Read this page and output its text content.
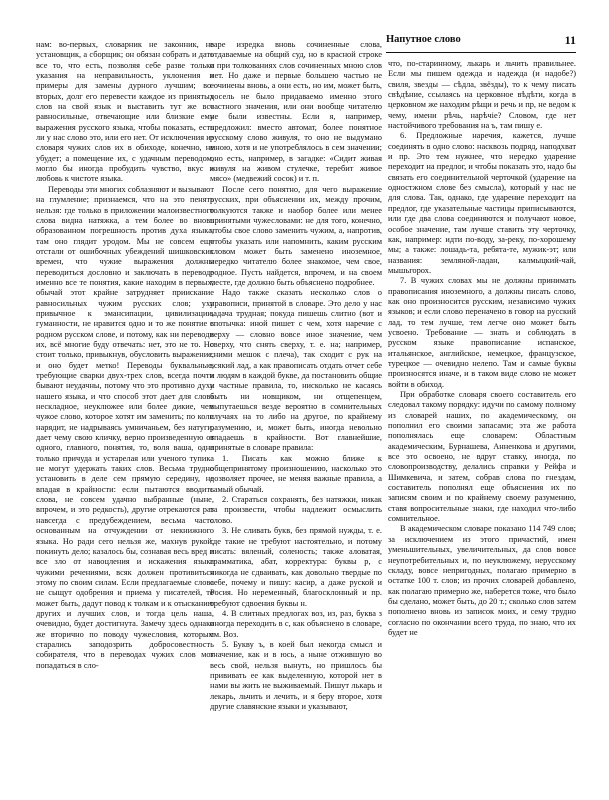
Напутное слово	11

нам: во-первых, словарник не законник, не установщик, а сборщик; он обязан собрать и дать все то, что есть, позволяя себе разве только указания на неправильность, уклонения и примеры для замены дурного лучшим; во-вторых, долг его перевести каждое из принятых слов на свой язык и выставить тут же все равносильные, отвечающие или близкие ему выражения русского языка, чтобы показать, есть ли у нас слово это, или его нет. От исключения из словаря чужих слов их в обиходе, конечно, не убудет; а помещение их, с удачным переводом, могло бы иногда пробудить чувство, вкус и любовь к чистоте языка.

Переводы эти многих соблазняют и вызывают на глумление; признаемся, что на это пенять нельзя: где только в приложении малоизвестного слова видна натяжка, а тем более во вновь образованном погрешность против духа языка, там оно глядит уродом. Мы не совсем еще отстали от ошибочных убеждений шишковских времен, что чужие выражения должны переводиться дословно и заключать в переводе именно все те понятия, какие находим в первых; обычай этот крайне затрудняет приискание равносильных чужим русских слов; уху привычное к эмансипации, цивилизации, гуманности, не нравится одно и то же понятие в родном русском слове, и потому, как ни переводи их, всё многие буду отвечать: нет, это не то. Но стоит только, привыкнув, обусловить выражение, и оно будет метко! Переводы буквальные, требующие сварки двух-трех слов, всегда почти бывают неудачны, потому что это противно духу нашего языка, и что способ этот дает для слова нескладное, неуклюжее или более дикие, чем чужое слово, которое хотят им заменить; по коли нарядит, не надрываясь умничаньем, без натуги, дает чему свою кличку, верно произведенную от одного, главного, понятия, то, воля ваша, одна только причуда и устарелая или ученого тупика не могут удержать таких слов. Весьма трудно установить в деле сем прямую середину, не впадая в крайности: если пытаются вводить слова, не совсем удачно выбранные (ныне, впрочем, и это редкость), другие отрекаются раз навсегда с предубеждением, весьма часто основанным на отчуждении от некнижного языка. Но ради сего нельзя же, махнув рукой, покинуть дело; казалось бы, сознавая весь вред и все зло от навоцления и искажения языка чужими речениями, всяк должен противиться этому по своим силам. Если предлагаемые слова не сыщут одобрения и приема у писателей, то может быть, дадут повод к толкам и к отысканию других и лучших слов, и тогда цель наша, очевидно, будет достигнута. Замечу здесь однако же вторично по поводу чужесловия, которым старались заподозрить добросовестность собирателя, что в переводах чужих слов мог попадаться в сло-

варе изредка вновь сочиненные слова, отдаваемые на общий суд, но в красной строке и при толкованиях слов сочиненных мною слов нет. Но даже и первые большею частью не сочинены вновь, а они есть, но им, может быть, досель не было придаваемо именно этого частного значения, или они вообще читателю не были известны. Если я, например, предложил: вместо автомат, более понятное русскому слово живуля, то оно не выдумано мною, хотя и не употреблялось в сем значении; оно есть, например, в загадке: «Сидит живая живуля на живом стулечке, теребит живое мясо» (медвежий сосок) и т. п.

После сего понятно, для чего выражение русских, при объяснении их, между прочим, толкуются также и наобор более или менее принятыми чужесловами: не для того, конечно, чтобы свое слово заменить чужим, а, напротив, чтобы указать или напомнить, каким русским словом может быть заменено иноземное, нередко читателю более знакомое, чем свое, родное. Пусть найдется, впрочем, и на своем месте, где должно быть объяснено подробнее.

Надо также сказать несколько слов о правописи, принятой в словаре. Это дело у нас задача трудная; покуда пишешь слитно (вот и спотычка: иной пишет с чем, хотя наречие с верху — словно вовсе иное значение, чем сверху, что снять сверху, т. е. на; например, сними мешок с плеча), так сходит с рук на всякий лад, а как правописать отдать отчет себе и людям в каждой букве, да постановить общие и частные правила, то, нисколько не касаясь быть ни новщиком, ни отщепенцем, выпутаешься везде вероятно в сомнительных случаях на то либо на другое, по крайнему разумению, и, может быть, иногда невольно впадаешь в крайности. Вот главнейшие, принятые в словаре правила:

1. Писать как можно ближе к общепринятому произношению, насколько это дозволяет прочее, не меняя важные правила, а самый обычай.
2. Стараться сохранять, без натяжки, никак та произвести, чтобы надлежит осмыслить слово.
3. Не сливать букв, без прямой нужды, т. е. где такие не требуют настоятельно, и потому писать: вяленый, соленость; также аловатая, грамматика, абат, корректура: буквы р, с никогда не сдваивать, как довольно твердые по себе, почему и пишу: касир, а даже руской и Росия. Но неременный, благосклонный и пр. требуют сдвоения буквы н.
4. В слитных предлогах воз, из, раз, буква з иногда переходить в с, как объяснено в словаре, см. Воз.
5. Букву ъ, в коей был некогда смысл и значение, как и в юсь, а ныне отжившую во весь свой, нельзя вынуть, но пришлось бы прививать ее как выделенную, которой нет в нами вы жить не выживаемый. Пишут лькарь и лекарь, льчить и лечить, и я беру второе, хотя другие славянские языки и указывают,

что, по-старинному, лькарь и льчить правильнее. Если мы пишем одежда и надежда (и надобе?) свиля, звезды — сѣдла, звёзды), то к чему писать свѣдѣние, ссылаясь на церковное вѣдѣти, когда в церковном же находим рѣщи и речь и пр, не ведом к чему, имени рѣчь, нарѣчіе? Словом, где нет настойчивого требования на ъ, там пишу е.

6. Предложные наречия, кажется, лучше соединять в одно слово: насквозь подряд, наподхват и пр. Это тем нужнее, что нередко ударение переходит на предлог, и чтобы показать это, надо бы связать его соединительной черточкой (ударение на одностжном слове без смысла), который у нас не для слова. Так, однако, где ударение переходит на предлог, где указательные частицы приписываются, или где два слова соединяются и получают новое, особое значение, там лучше ставить эту черточку, как, например: идти по-воду, за-реку, по-хорошему мы; а также: лошадь-та, ребята-те, мужик-эт; или названия: земляной-ладан, калмыцкий-чай, мышьгорох.

7. В чужих словах мы не должны принимать правописания иноземного, а должны писать слово, как оно произносится русским, независимо чужих языков; и если слово переначено в говор на русский лад, то тем лучше, тем легче оно может быть усвоено. Требование — знать и соблюдать в русском языке правописание испанское, итальянское, английское, немецкое, французское, турецкое — очевидно нелепо. Там и самые буквы произносятся иначе, и в таком виде слово не может войти в обиход.

При обработке словаря своего составитель его следовал такому порядку: идучи по самому полному из словарей наших, по академическому, он пополнил его своими запасами; эта же работа пополнялась еще словарем: Областным академическим, Бурнашева, Анненкова и другими, все это освоено, не вдруг ставку, иногда, по словопроизводству, делались справки у Рейфа и Шимкевича, и затем, собрав слова по гнездам, составитель пополнял еще объяснения их по записям своим и по крайнему своему разумению, ставя вопросительные знаки, где находил что-либо сомнительное.

В академическом словаре показано 114 749 слов; за исключением из этого причастий, имен уменьшительных, увеличительных, да слов вовсе неупотребительных и, по неуклюжему, нерусскому складу, вовсе непригодных, полагаю примерно в остатке 100 т. слов; из прочих словарей добавлено, как полагаю примерно же, наберется тоже, что было бы сделано, может быть, до 20 т.; сколько слов затем пополнено вновь из записок моих, и сему трудно согласно по окончании всего труда, по знаю, что их будет не
